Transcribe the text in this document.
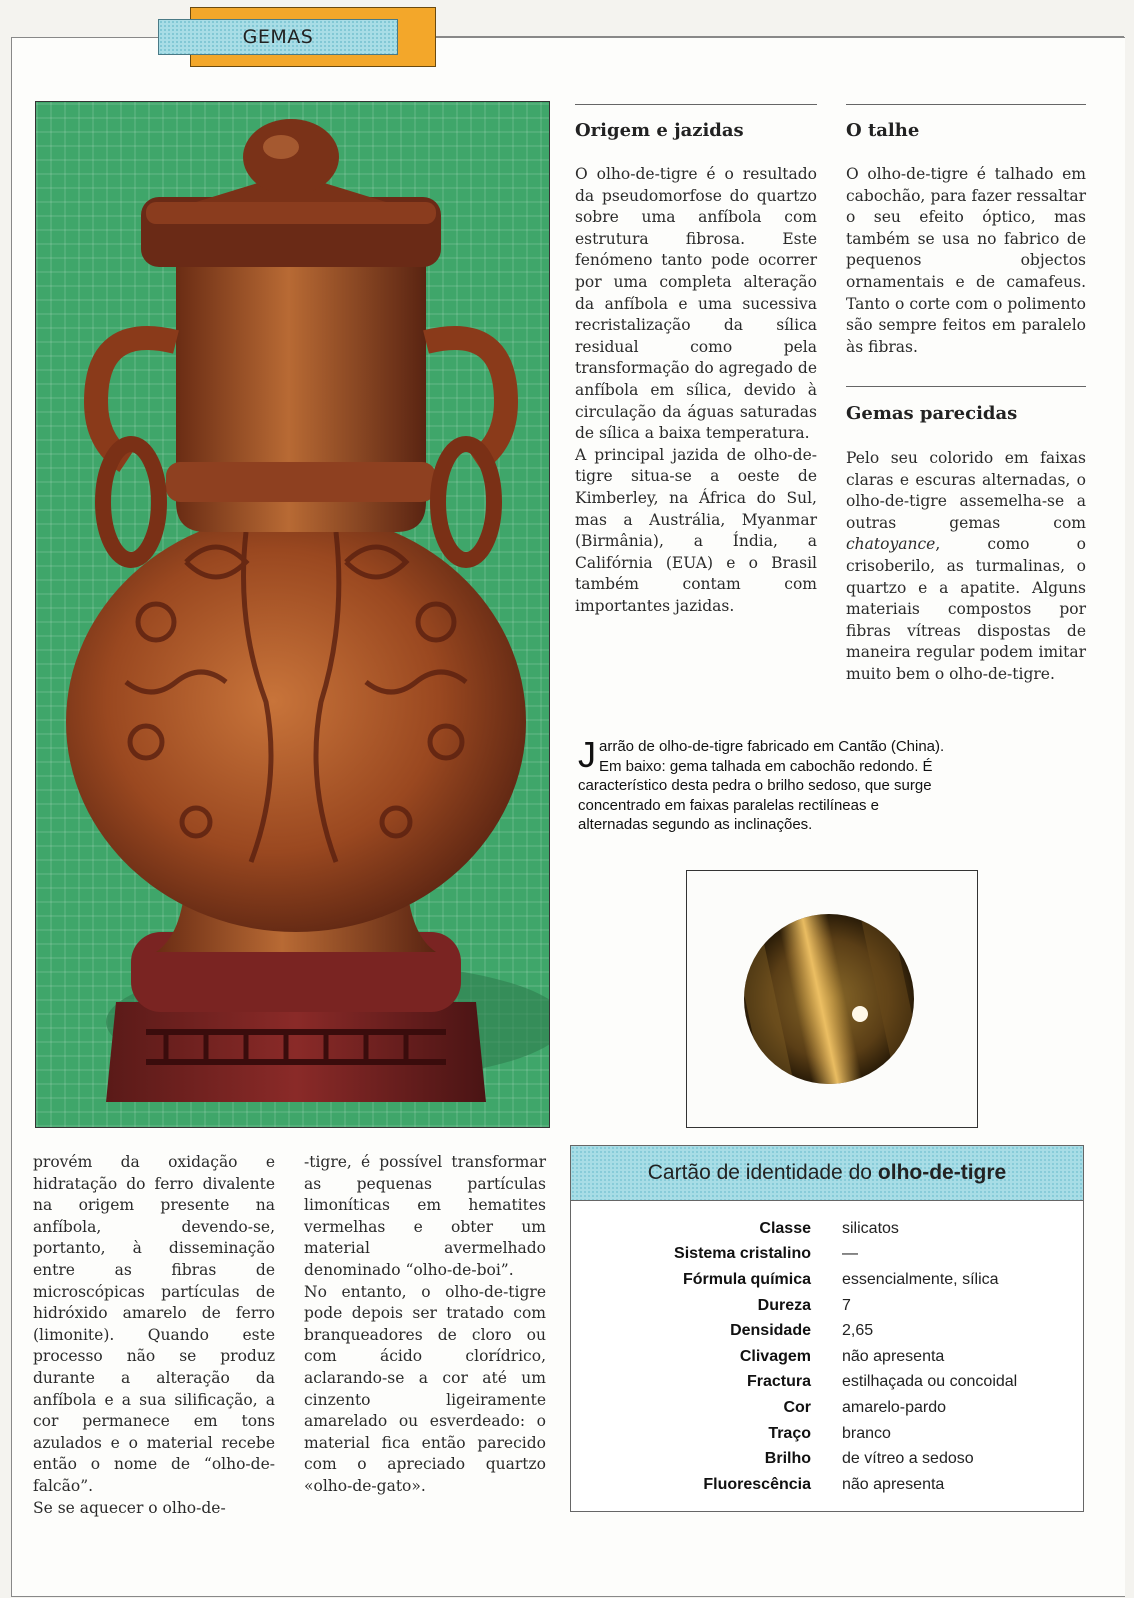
GEMAS
Origem e jazidas

O olho-de-tigre é o resultado da pseudomorfose do quartzo sobre uma anfíbola com estrutura fibrosa. Este fenómeno tanto pode ocorrer por uma completa alteração da anfíbola e uma sucessiva recristalização da sílica residual como pela transformação do agregado de anfíbola em sílica, devido à circulação da águas saturadas de sílica a baixa temperatura.

A principal jazida de olho-de-tigre situa-se a oeste de Kimberley, na África do Sul, mas a Austrália, Myanmar (Birmânia), a Índia, a Califórnia (EUA) e o Brasil também contam com importantes jazidas.

O talhe
O olho-de-tigre é talhado em cabochão, para fazer ressaltar o seu efeito óptico, mas também se usa no fabrico de pequenos objectos ornamentais e de camafeus. Tanto o corte com o polimento são sempre feitos em paralelo às fibras.
Gemas parecidas
Pelo seu colorido em faixas claras e escuras alternadas, o olho-de-tigre assemelha-se a outras gemas com chatoyance, como o crisoberilo, as turmalinas, o quartzo e a apatite. Alguns materiais compostos por fibras vítreas dispostas de maneira regular podem imitar muito bem o olho-de-tigre.
Jarrão de olho-de-tigre fabricado em Cantão (China). Em baixo: gema talhada em cabochão redondo. É característico desta pedra o brilho sedoso, que surge concentrado em faixas paralelas rectilíneas e alternadas segundo as inclinações.
provém da oxidação e hidratação do ferro divalente na origem presente na anfíbola, devendo-se, portanto, à disseminação entre as fibras de microscópicas partículas de hidróxido amarelo de ferro (limonite). Quando este processo não se produz durante a alteração da anfíbola e a sua silificação, a cor permanece em tons azulados e o material recebe então o nome de “olho-de-falcão”.
Se se aquecer o olho-de-
-tigre, é possível transformar as pequenas partículas limoníticas em hematites vermelhas e obter um material avermelhado denominado “olho-de-boi”.
No entanto, o olho-de-tigre pode depois ser tratado com branqueadores de cloro ou com ácido clorídrico, aclarando-se a cor até um cinzento ligeiramente amarelado ou esverdeado: o material fica então parecido com o apreciado quartzo «olho-de-gato».
Cartão de identidade do olho-de-tigre
Classe silicatos
Sistema cristalino —
Fórmula química essencialmente, sílica
Dureza 7
Densidade 2,65
Clivagem não apresenta
Fractura estilhaçada ou concoidal
Cor amarelo-pardo
Traço branco
Brilho de vítreo a sedoso
Fluorescência não apresenta
